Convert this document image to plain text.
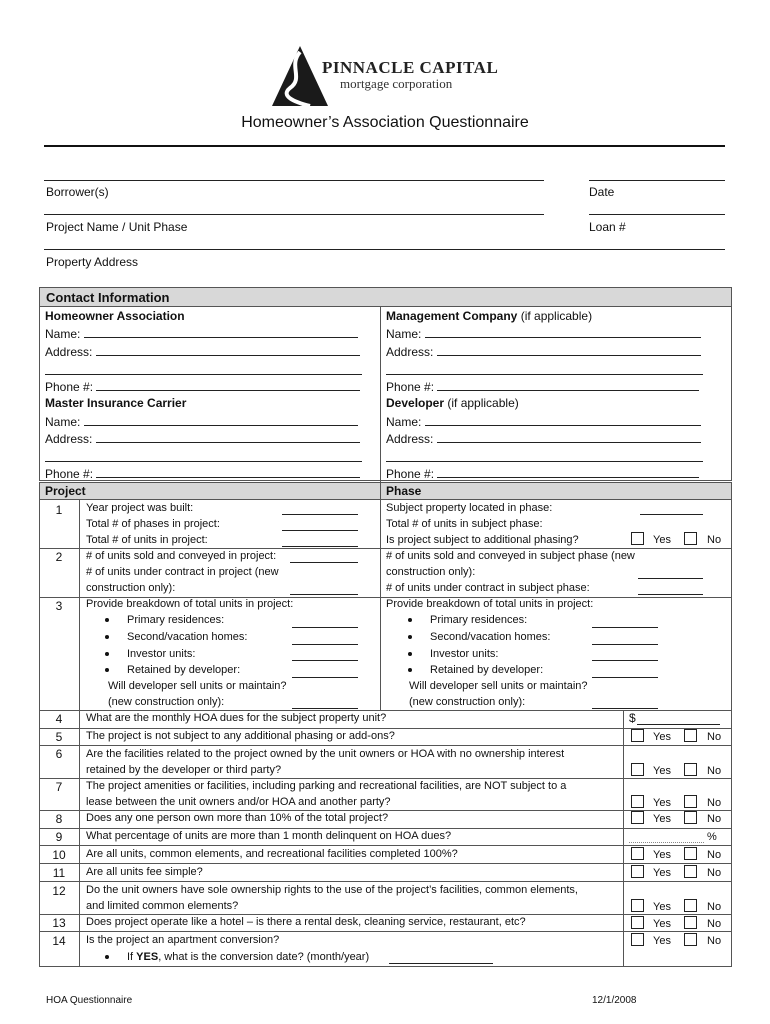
PINNACLE CAPITAL
mortgage corporation
Homeowner’s Association Questionnaire
Borrower(s)	Date
Project Name / Unit Phase	Loan #
Property Address
Contact Information
Homeowner Association
Name:
Address:
Phone #:
Management Company (if applicable)
Name:
Address:
Phone #:
Master Insurance Carrier
Name:
Address:
Phone #:
Developer (if applicable)
Name:
Address:
Phone #:
Project	Phase
1	Year project was built:
Total # of phases in project:
Total # of units in project:
Subject property located in phase:
Total # of units in subject phase:
Is project subject to additional phasing?	Yes	No
2	# of units sold and conveyed in project:
# of units under contract in project (new
construction only):
# of units sold and conveyed in subject phase (new
construction only):
# of units under contract in subject phase:
3	Provide breakdown of total units in project:
Primary residences:
Second/vacation homes:
Investor units:
Retained by developer:
Will developer sell units or maintain?
(new construction only):
Provide breakdown of total units in project:
Primary residences:
Second/vacation homes:
Investor units:
Retained by developer:
Will developer sell units or maintain?
(new construction only):
4	What are the monthly HOA dues for the subject property unit?	$
5	The project is not subject to any additional phasing or add-ons?	Yes	No
6	Are the facilities related to the project owned by the unit owners or HOA with no ownership interest
retained by the developer or third party?	Yes	No
7	The project amenities or facilities, including parking and recreational facilities, are NOT subject to a
lease between the unit owners and/or HOA and another party?	Yes	No
8	Does any one person own more than 10% of the total project?	Yes	No
9	What percentage of units are more than 1 month delinquent on HOA dues?	%
10	Are all units, common elements, and recreational facilities completed 100%?	Yes	No
11	Are all units fee simple?	Yes	No
12	Do the unit owners have sole ownership rights to the use of the project’s facilities, common elements,
and limited common elements?	Yes	No
13	Does project operate like a hotel – is there a rental desk, cleaning service, restaurant, etc?	Yes	No
14	Is the project an apartment conversion?	Yes	No
If YES, what is the conversion date? (month/year)
HOA Questionnaire	12/1/2008
